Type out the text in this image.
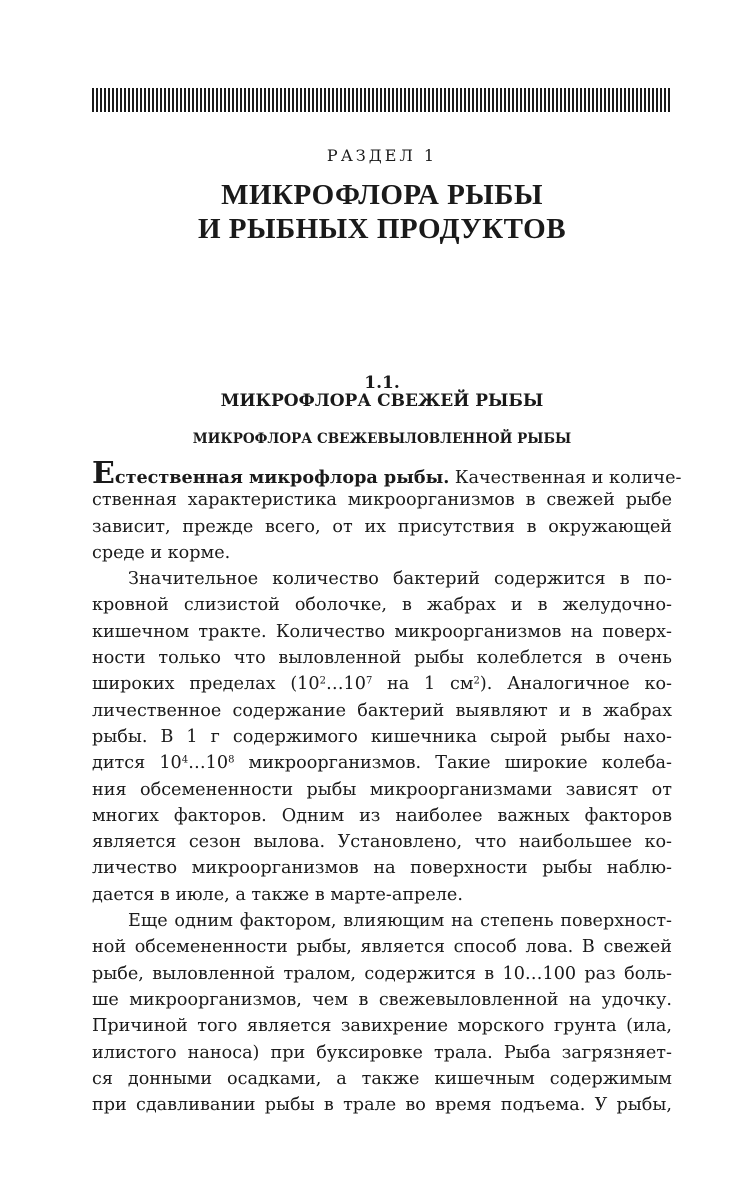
РАЗДЕЛ 1
МИКРОФЛОРА РЫБЫ
И РЫБНЫХ ПРОДУКТОВ
1.1.
МИКРОФЛОРА СВЕЖЕЙ РЫБЫ
МИКРОФЛОРА СВЕЖЕВЫЛОВЛЕННОЙ РЫБЫ
Естественная микрофлора рыбы. Качественная и количе-
ственная характеристика микроорганизмов в свежей рыбе
зависит, прежде всего, от их присутствия в окружающей
среде и корме.
Значительное количество бактерий содержится в по-
кровной слизистой оболочке, в жабрах и в желудочно-
кишечном тракте. Количество микроорганизмов на поверх-
ности только что выловленной рыбы колеблется в очень
широких пределах ($10^2\dots 10^7$ на 1 $см^2$). Аналогичное ко-
личественное содержание бактерий выявляют и в жабрах
рыбы. В 1 г содержимого кишечника сырой рыбы нахо-
дится $10^4\dots 10^8$ микроорганизмов. Такие широкие колеба-
ния обсемененности рыбы микроорганизмами зависят от
многих факторов. Одним из наиболее важных факторов
является сезон вылова. Установлено, что наибольшее ко-
личество микроорганизмов на поверхности рыбы наблю-
дается в июле, а также в марте-апреле.
Еще одним фактором, влияющим на степень поверхност-
ной обсемененности рыбы, является способ лова. В свежей
рыбе, выловленной тралом, содержится в 10…100 раз боль-
ше микроорганизмов, чем в свежевыловленной на удочку.
Причиной того является завихрение морского грунта (ила,
илистого наноса) при буксировке трала. Рыба загрязняет-
ся донными осадками, а также кишечным содержимым
при сдавливании рыбы в трале во время подъема. У рыбы,
